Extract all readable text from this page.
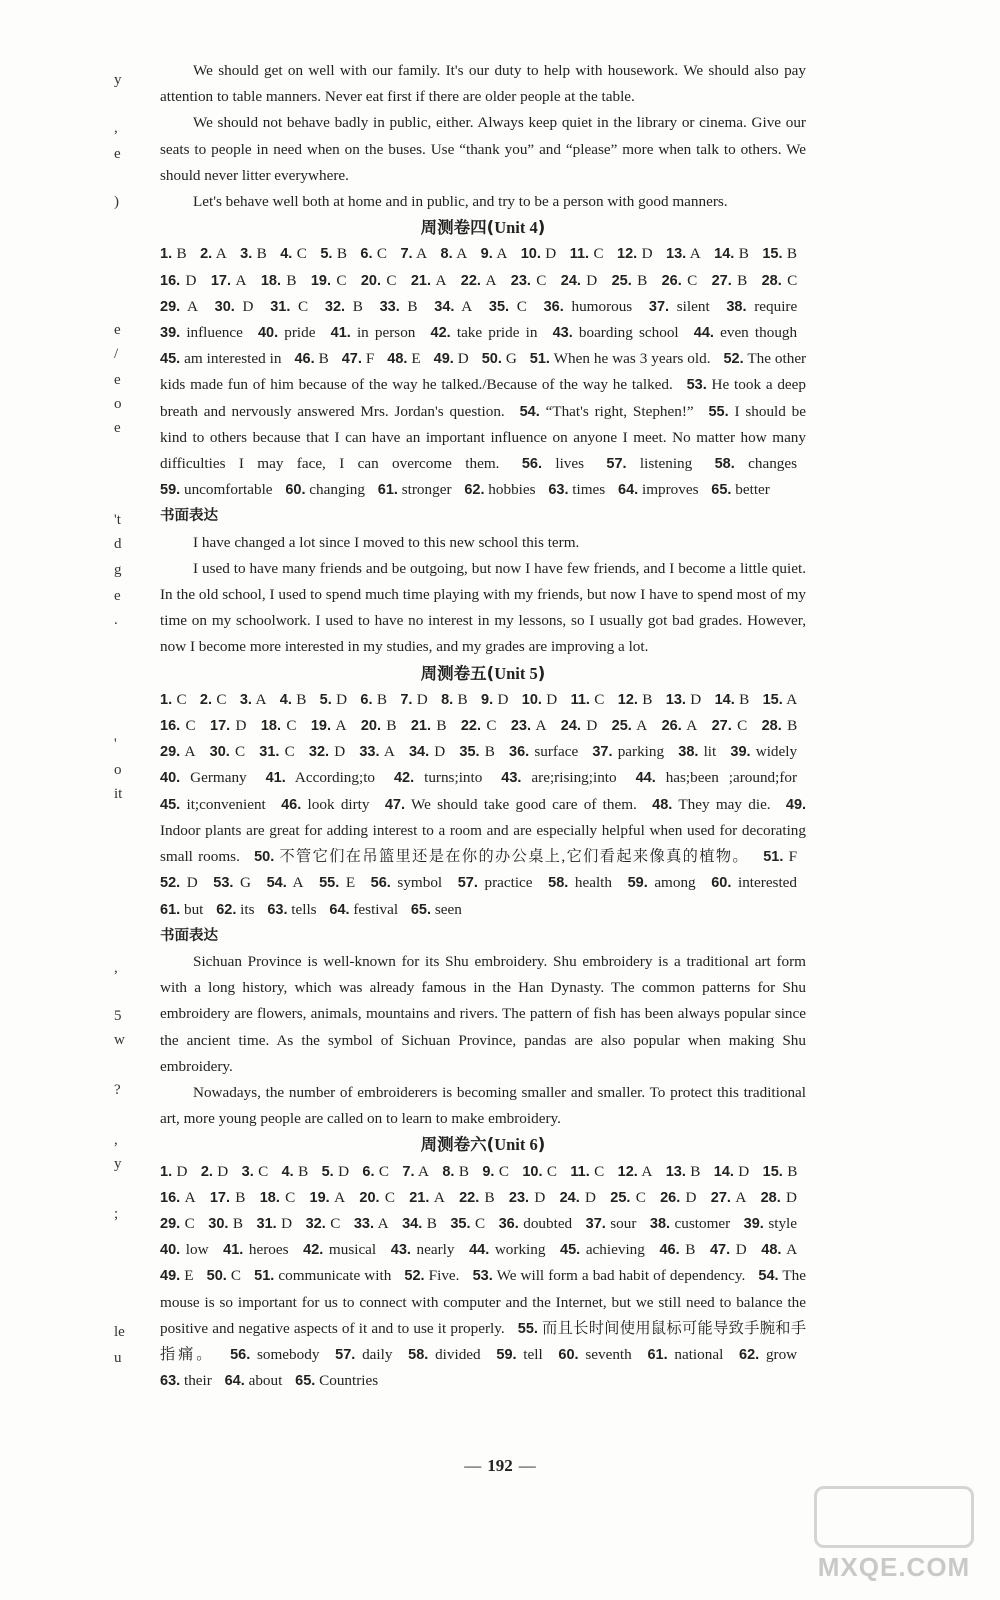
y
,
e
)
e
/
e
o
e
't
d
g
e
.
'
o
it
,
5
w
?
,
y
;
le
u

We should get on well with our family. It's our duty to help with housework. We should also pay attention to table manners. Never eat first if there are older people at the table.

We should not behave badly in public, either. Always keep quiet in the library or cinema. Give our seats to people in need when on the buses. Use “thank you” and “please” more when talk to others. We should never litter everywhere.

Let's behave well both at home and in public, and try to be a person with good manners.

周测卷四(Unit 4)

1. B 2. A 3. B 4. C 5. B 6. C 7. A 8. A 9. A 10. D 11. C 12. D 13. A 14. B 15. B 16. D 17. A 18. B 19. C 20. C 21. A 22. A 23. C 24. D 25. B 26. C 27. B 28. C 29. A 30. D 31. C 32. B 33. B 34. A 35. C 36. humorous 37. silent 38. require 39. influence 40. pride 41. in person 42. take pride in 43. boarding school 44. even though 45. am interested in 46. B 47. F 48. E 49. D 50. G 51. When he was 3 years old. 52. The other kids made fun of him because of the way he talked./Because of the way he talked. 53. He took a deep breath and nervously answered Mrs. Jordan's question. 54. “That's right, Stephen!” 55. I should be kind to others because that I can have an important influence on anyone I meet. No matter how many difficulties I may face, I can overcome them. 56. lives 57. listening 58. changes 59. uncomfortable 60. changing 61. stronger 62. hobbies 63. times 64. improves 65. better

书面表达

I have changed a lot since I moved to this new school this term.

I used to have many friends and be outgoing, but now I have few friends, and I become a little quiet. In the old school, I used to spend much time playing with my friends, but now I have to spend most of my time on my schoolwork. I used to have no interest in my lessons, so I usually got bad grades. However, now I become more interested in my studies, and my grades are improving a lot.

周测卷五(Unit 5)

1. C 2. C 3. A 4. B 5. D 6. B 7. D 8. B 9. D 10. D 11. C 12. B 13. D 14. B 15. A 16. C 17. D 18. C 19. A 20. B 21. B 22. C 23. A 24. D 25. A 26. A 27. C 28. B 29. A 30. C 31. C 32. D 33. A 34. D 35. B 36. surface 37. parking 38. lit 39. widely 40. Germany 41. According;to 42. turns;into 43. are;rising;into 44. has;been ;around;for 45. it;convenient 46. look dirty 47. We should take good care of them. 48. They may die. 49. Indoor plants are great for adding interest to a room and are especially helpful when used for decorating small rooms. 50. 不管它们在吊篮里还是在你的办公桌上,它们看起来像真的植物。 51. F 52. D 53. G 54. A 55. E 56. symbol 57. practice 58. health 59. among 60. interested 61. but 62. its 63. tells 64. festival 65. seen

书面表达

Sichuan Province is well-known for its Shu embroidery. Shu embroidery is a traditional art form with a long history, which was already famous in the Han Dynasty. The common patterns for Shu embroidery are flowers, animals, mountains and rivers. The pattern of fish has been always popular since the ancient time. As the symbol of Sichuan Province, pandas are also popular when making Shu embroidery.

Nowadays, the number of embroiderers is becoming smaller and smaller. To protect this traditional art, more young people are called on to learn to make embroidery.

周测卷六(Unit 6)

1. D 2. D 3. C 4. B 5. D 6. C 7. A 8. B 9. C 10. C 11. C 12. A 13. B 14. D 15. B 16. A 17. B 18. C 19. A 20. C 21. A 22. B 23. D 24. D 25. C 26. D 27. A 28. D 29. C 30. B 31. D 32. C 33. A 34. B 35. C 36. doubted 37. sour 38. customer 39. style 40. low 41. heroes 42. musical 43. nearly 44. working 45. achieving 46. B 47. D 48. A 49. E 50. C 51. communicate with 52. Five. 53. We will form a bad habit of dependency. 54. The mouse is so important for us to connect with computer and the Internet, but we still need to balance the positive and negative aspects of it and to use it properly. 55. 而且长时间使用鼠标可能导致手腕和手指痛。 56. somebody 57. daily 58. divided 59. tell 60. seventh 61. national 62. grow 63. their 64. about 65. Countries

— 192 —
MXQE.COM
